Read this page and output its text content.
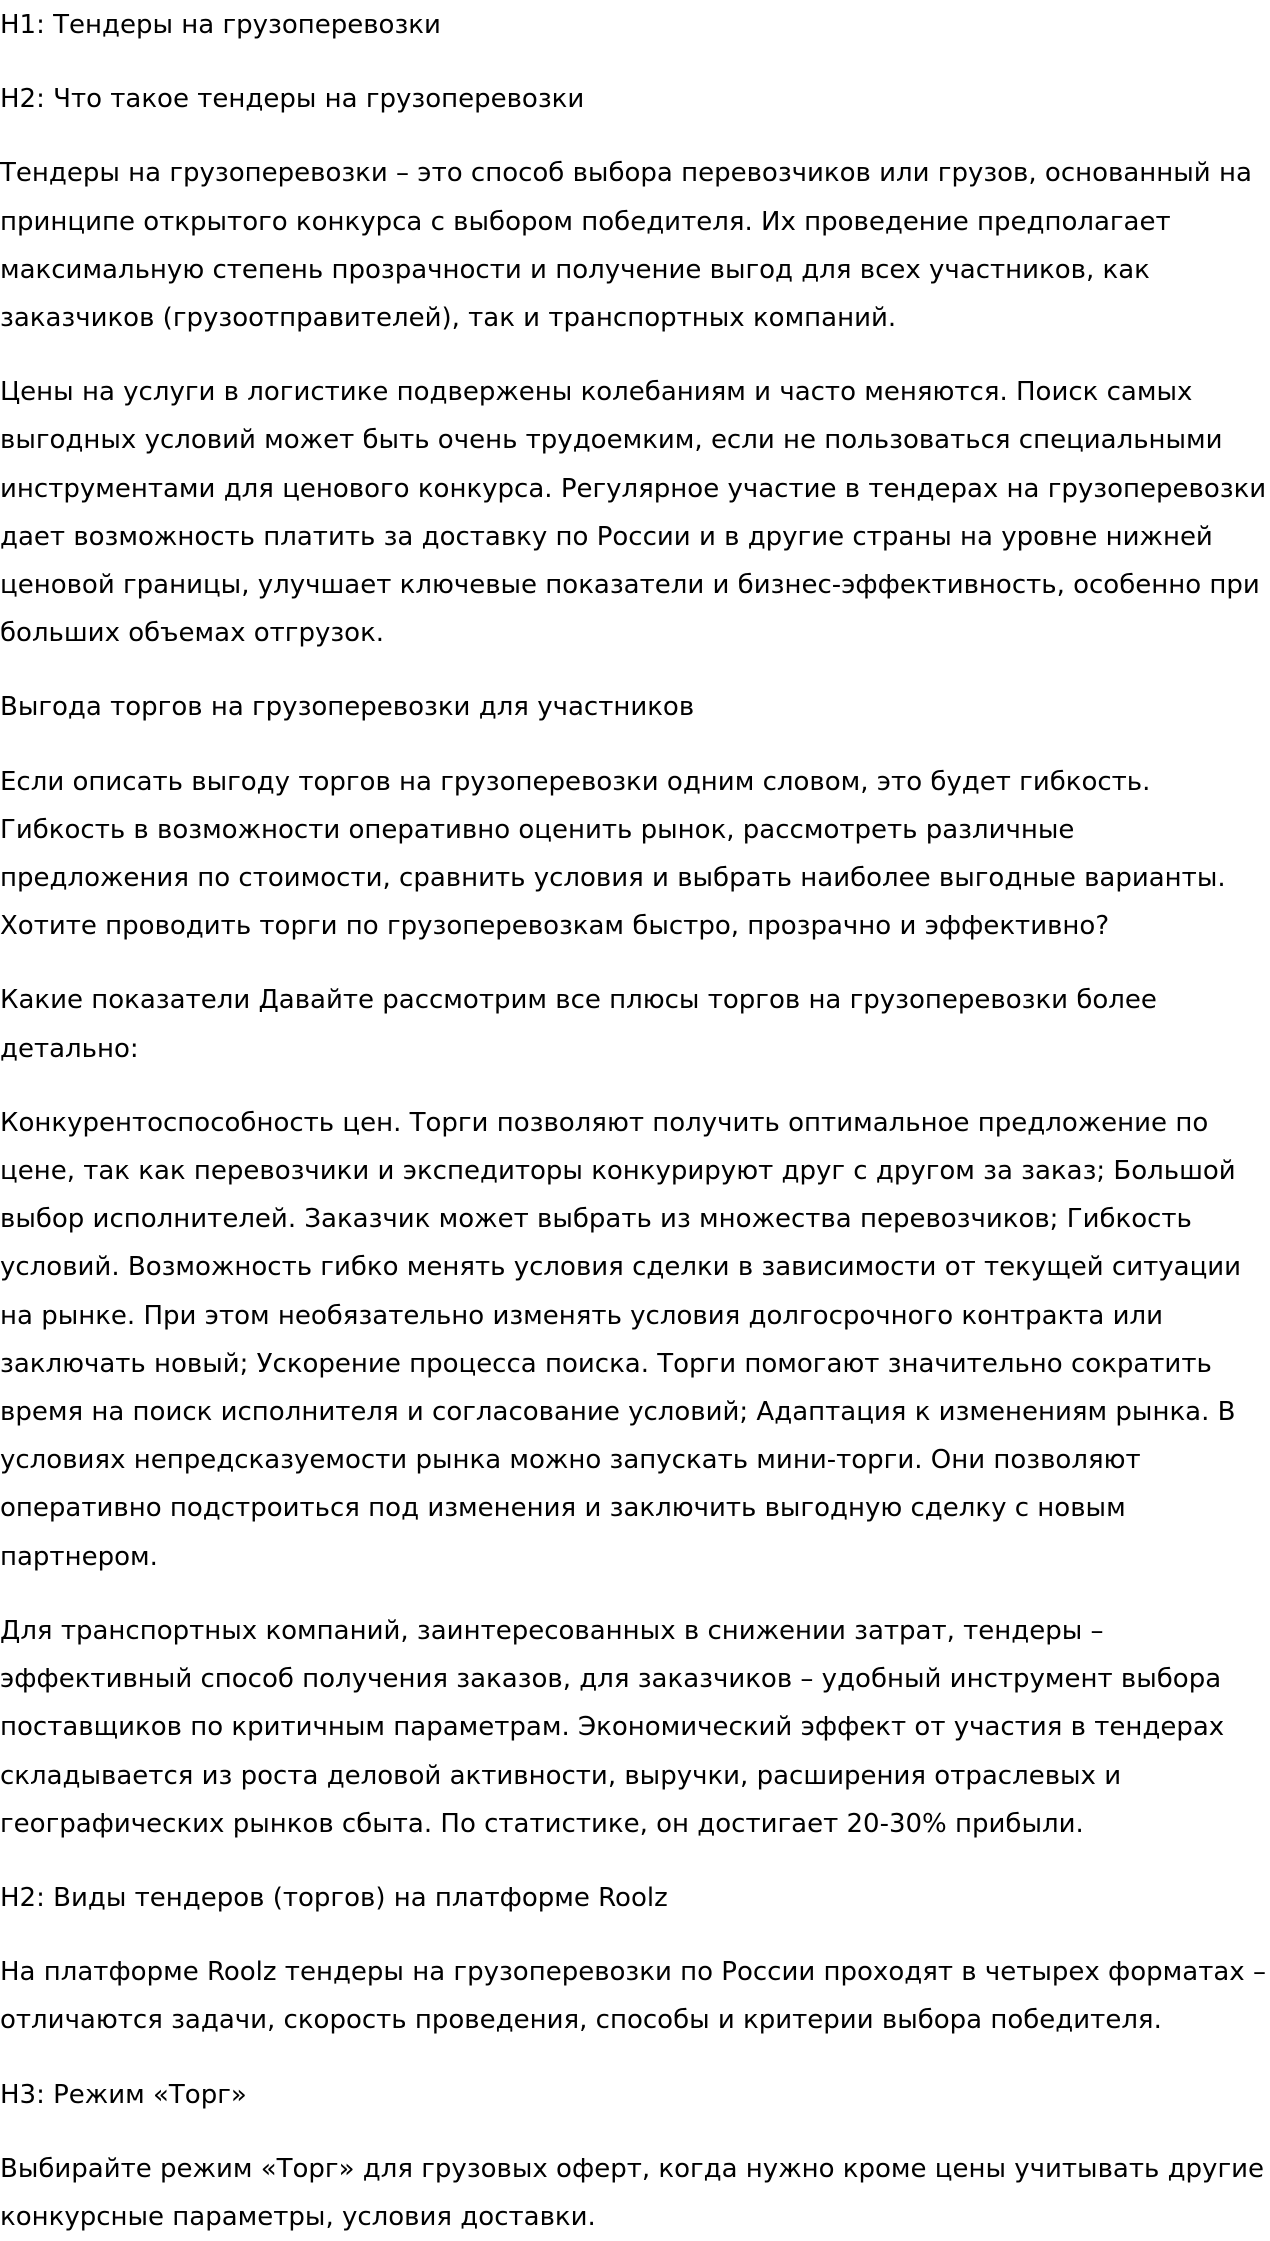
H1: Тендеры на грузоперевозки

H2: Что такое тендеры на грузоперевозки

Тендеры на грузоперевозки – это способ выбора перевозчиков или грузов, основанный на
принципе открытого конкурса с выбором победителя. Их проведение предполагает
максимальную степень прозрачности и получение выгод для всех участников, как
заказчиков (грузоотправителей), так и транспортных компаний.

Цены на услуги в логистике подвержены колебаниям и часто меняются. Поиск самых
выгодных условий может быть очень трудоемким, если не пользоваться специальными
инструментами для ценового конкурса. Регулярное участие в тендерах на грузоперевозки
дает возможность платить за доставку по России и в другие страны на уровне нижней
ценовой границы, улучшает ключевые показатели и бизнес-эффективность, особенно при
больших объемах отгрузок.

Выгода торгов на грузоперевозки для участников

Если описать выгоду торгов на грузоперевозки одним словом, это будет гибкость.
Гибкость в возможности оперативно оценить рынок, рассмотреть различные
предложения по стоимости, сравнить условия и выбрать наиболее выгодные варианты.
Хотите проводить торги по грузоперевозкам быстро, прозрачно и эффективно?

Какие показатели Давайте рассмотрим все плюсы торгов на грузоперевозки более
детально:

Конкурентоспособность цен. Торги позволяют получить оптимальное предложение по
цене, так как перевозчики и экспедиторы конкурируют друг с другом за заказ; Большой
выбор исполнителей. Заказчик может выбрать из множества перевозчиков; Гибкость
условий. Возможность гибко менять условия сделки в зависимости от текущей ситуации
на рынке. При этом необязательно изменять условия долгосрочного контракта или
заключать новый; Ускорение процесса поиска. Торги помогают значительно сократить
время на поиск исполнителя и согласование условий; Адаптация к изменениям рынка. В
условиях непредсказуемости рынка можно запускать мини-торги. Они позволяют
оперативно подстроиться под изменения и заключить выгодную сделку с новым
партнером.

Для транспортных компаний, заинтересованных в снижении затрат, тендеры –
эффективный способ получения заказов, для заказчиков – удобный инструмент выбора
поставщиков по критичным параметрам. Экономический эффект от участия в тендерах
складывается из роста деловой активности, выручки, расширения отраслевых и
географических рынков сбыта. По статистике, он достигает 20-30% прибыли.

H2: Виды тендеров (торгов) на платформе Roolz

На платформе Roolz тендеры на грузоперевозки по России проходят в четырех форматах –
отличаются задачи, скорость проведения, способы и критерии выбора победителя.

H3: Режим «Торг»

Выбирайте режим «Торг» для грузовых оферт, когда нужно кроме цены учитывать другие
конкурсные параметры, условия доставки.
